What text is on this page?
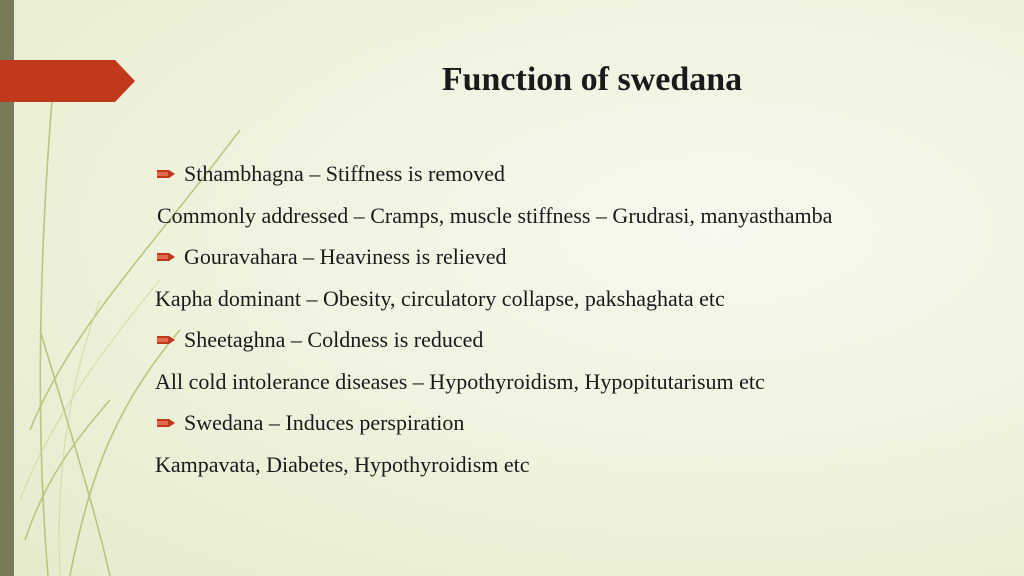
Function of swedana
Sthambhagna – Stiffness is removed
Commonly addressed – Cramps, muscle stiffness – Grudrasi, manyasthamba
Gouravahara – Heaviness is relieved
Kapha dominant – Obesity, circulatory collapse, pakshaghata etc
Sheetaghna – Coldness is reduced
All cold intolerance diseases – Hypothyroidism, Hypopitutarisum etc
Swedana – Induces perspiration
Kampavata, Diabetes, Hypothyroidism etc
